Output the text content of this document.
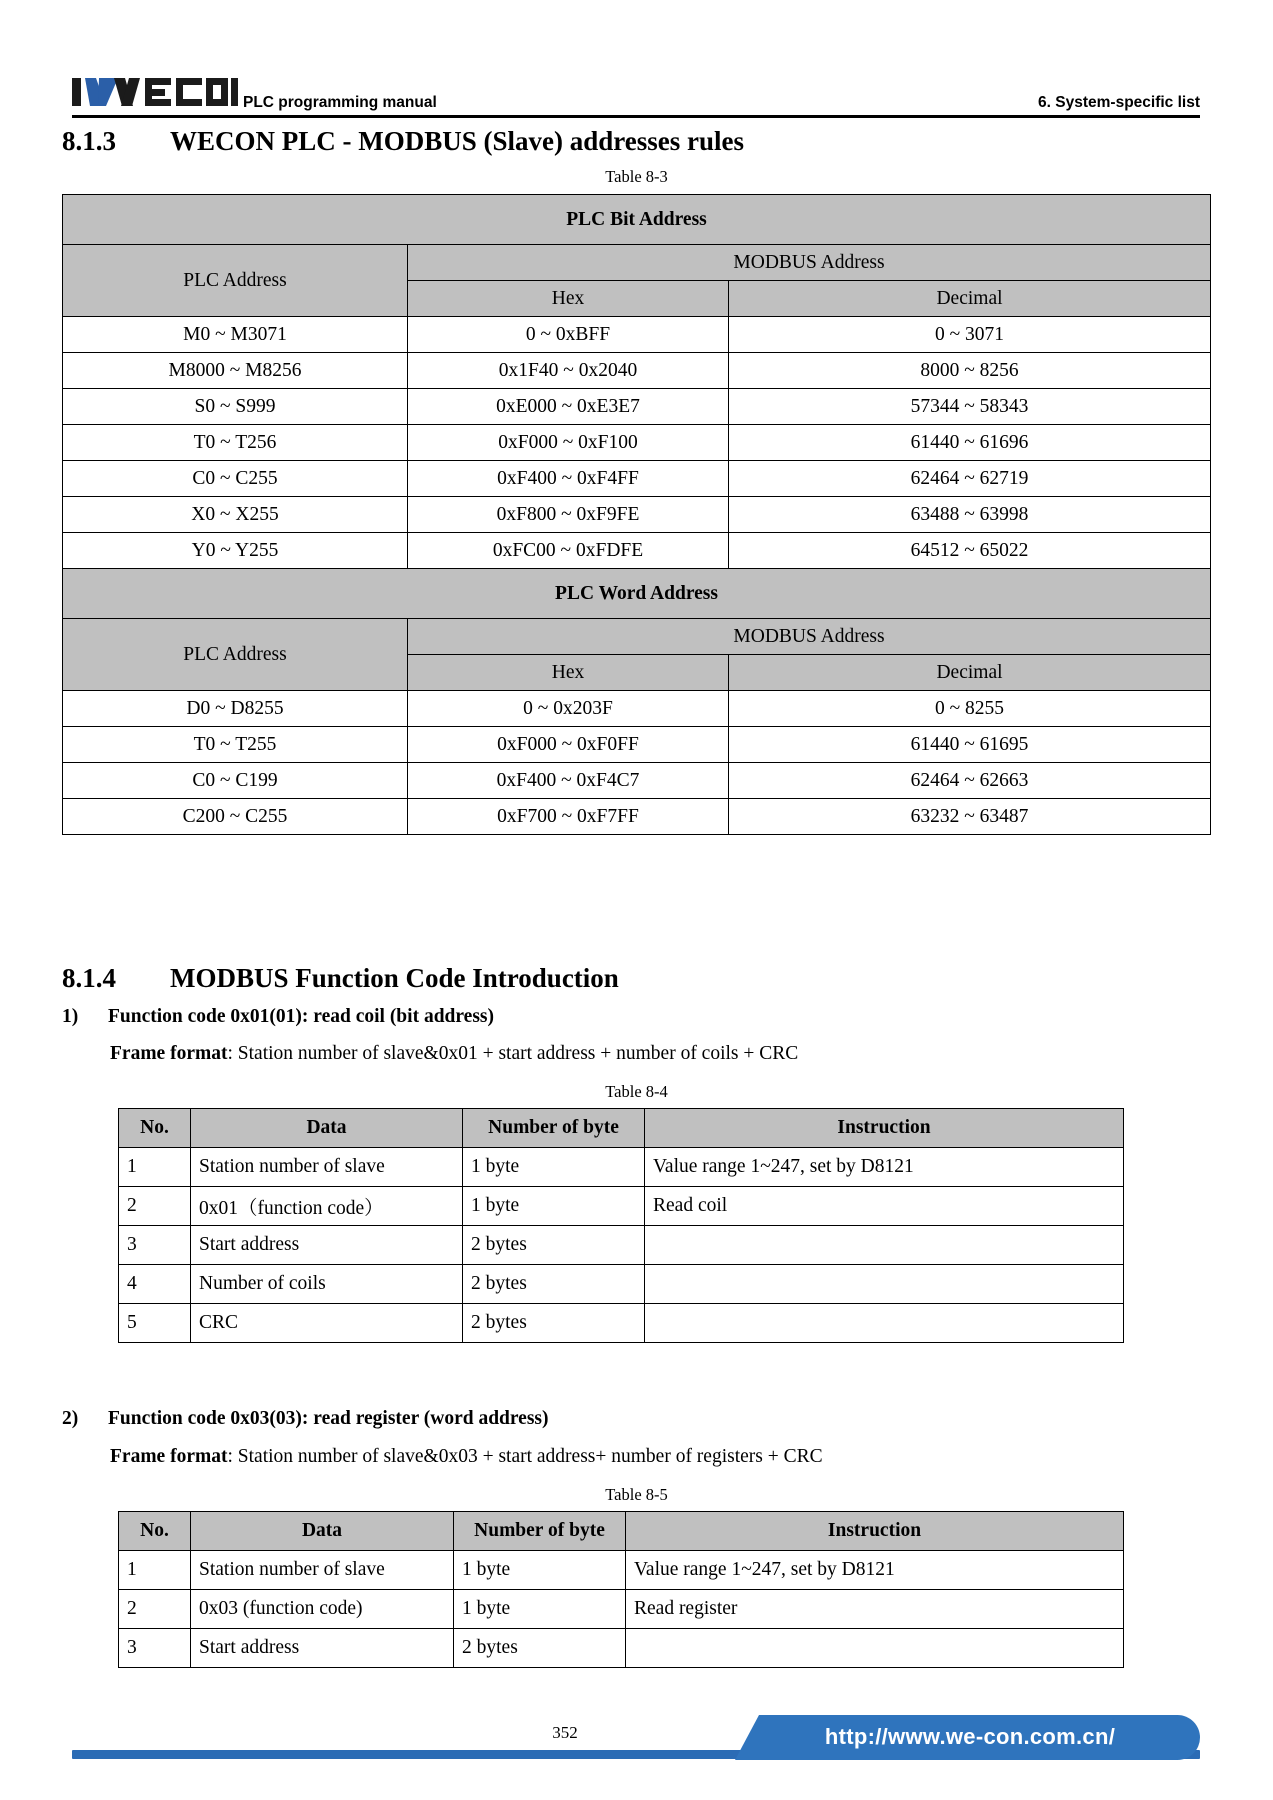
PLC programming manual	6. System-specific list
8.1.3 WECON PLC - MODBUS (Slave) addresses rules
Table 8-3
PLC Bit Address		
PLC Address	MODBUS Address	
	Hex	Decimal
M0 ~ M3071	0 ~ 0xBFF	0 ~ 3071
M8000 ~ M8256	0x1F40 ~ 0x2040	8000 ~ 8256
S0 ~ S999	0xE000 ~ 0xE3E7	57344 ~ 58343
T0 ~ T256	0xF000 ~ 0xF100	61440 ~ 61696
C0 ~ C255	0xF400 ~ 0xF4FF	62464 ~ 62719
X0 ~ X255	0xF800 ~ 0xF9FE	63488 ~ 63998
Y0 ~ Y255	0xFC00 ~ 0xFDFE	64512 ~ 65022
PLC Word Address		
PLC Address	MODBUS Address	
	Hex	Decimal
D0 ~ D8255	0 ~ 0x203F	0 ~ 8255
T0 ~ T255	0xF000 ~ 0xF0FF	61440 ~ 61695
C0 ~ C199	0xF400 ~ 0xF4C7	62464 ~ 62663
C200 ~ C255	0xF700 ~ 0xF7FF	63232 ~ 63487
8.1.4 MODBUS Function Code Introduction
1) Function code 0x01(01): read coil (bit address)
Frame format: Station number of slave&0x01 + start address + number of coils + CRC
Table 8-4
No.	Data	Number of byte	Instruction
1	Station number of slave	1 byte	Value range 1~247, set by D8121
2	0x01（function code）	1 byte	Read coil
3	Start address	2 bytes	
4	Number of coils	2 bytes	
5	CRC	2 bytes	
2) Function code 0x03(03): read register (word address)
Frame format: Station number of slave&0x03 + start address+ number of registers + CRC
Table 8-5
No.	Data	Number of byte	Instruction
1	Station number of slave	1 byte	Value range 1~247, set by D8121
2	0x03 (function code)	1 byte	Read register
3	Start address	2 bytes	
http://www.we-con.com.cn/
352
